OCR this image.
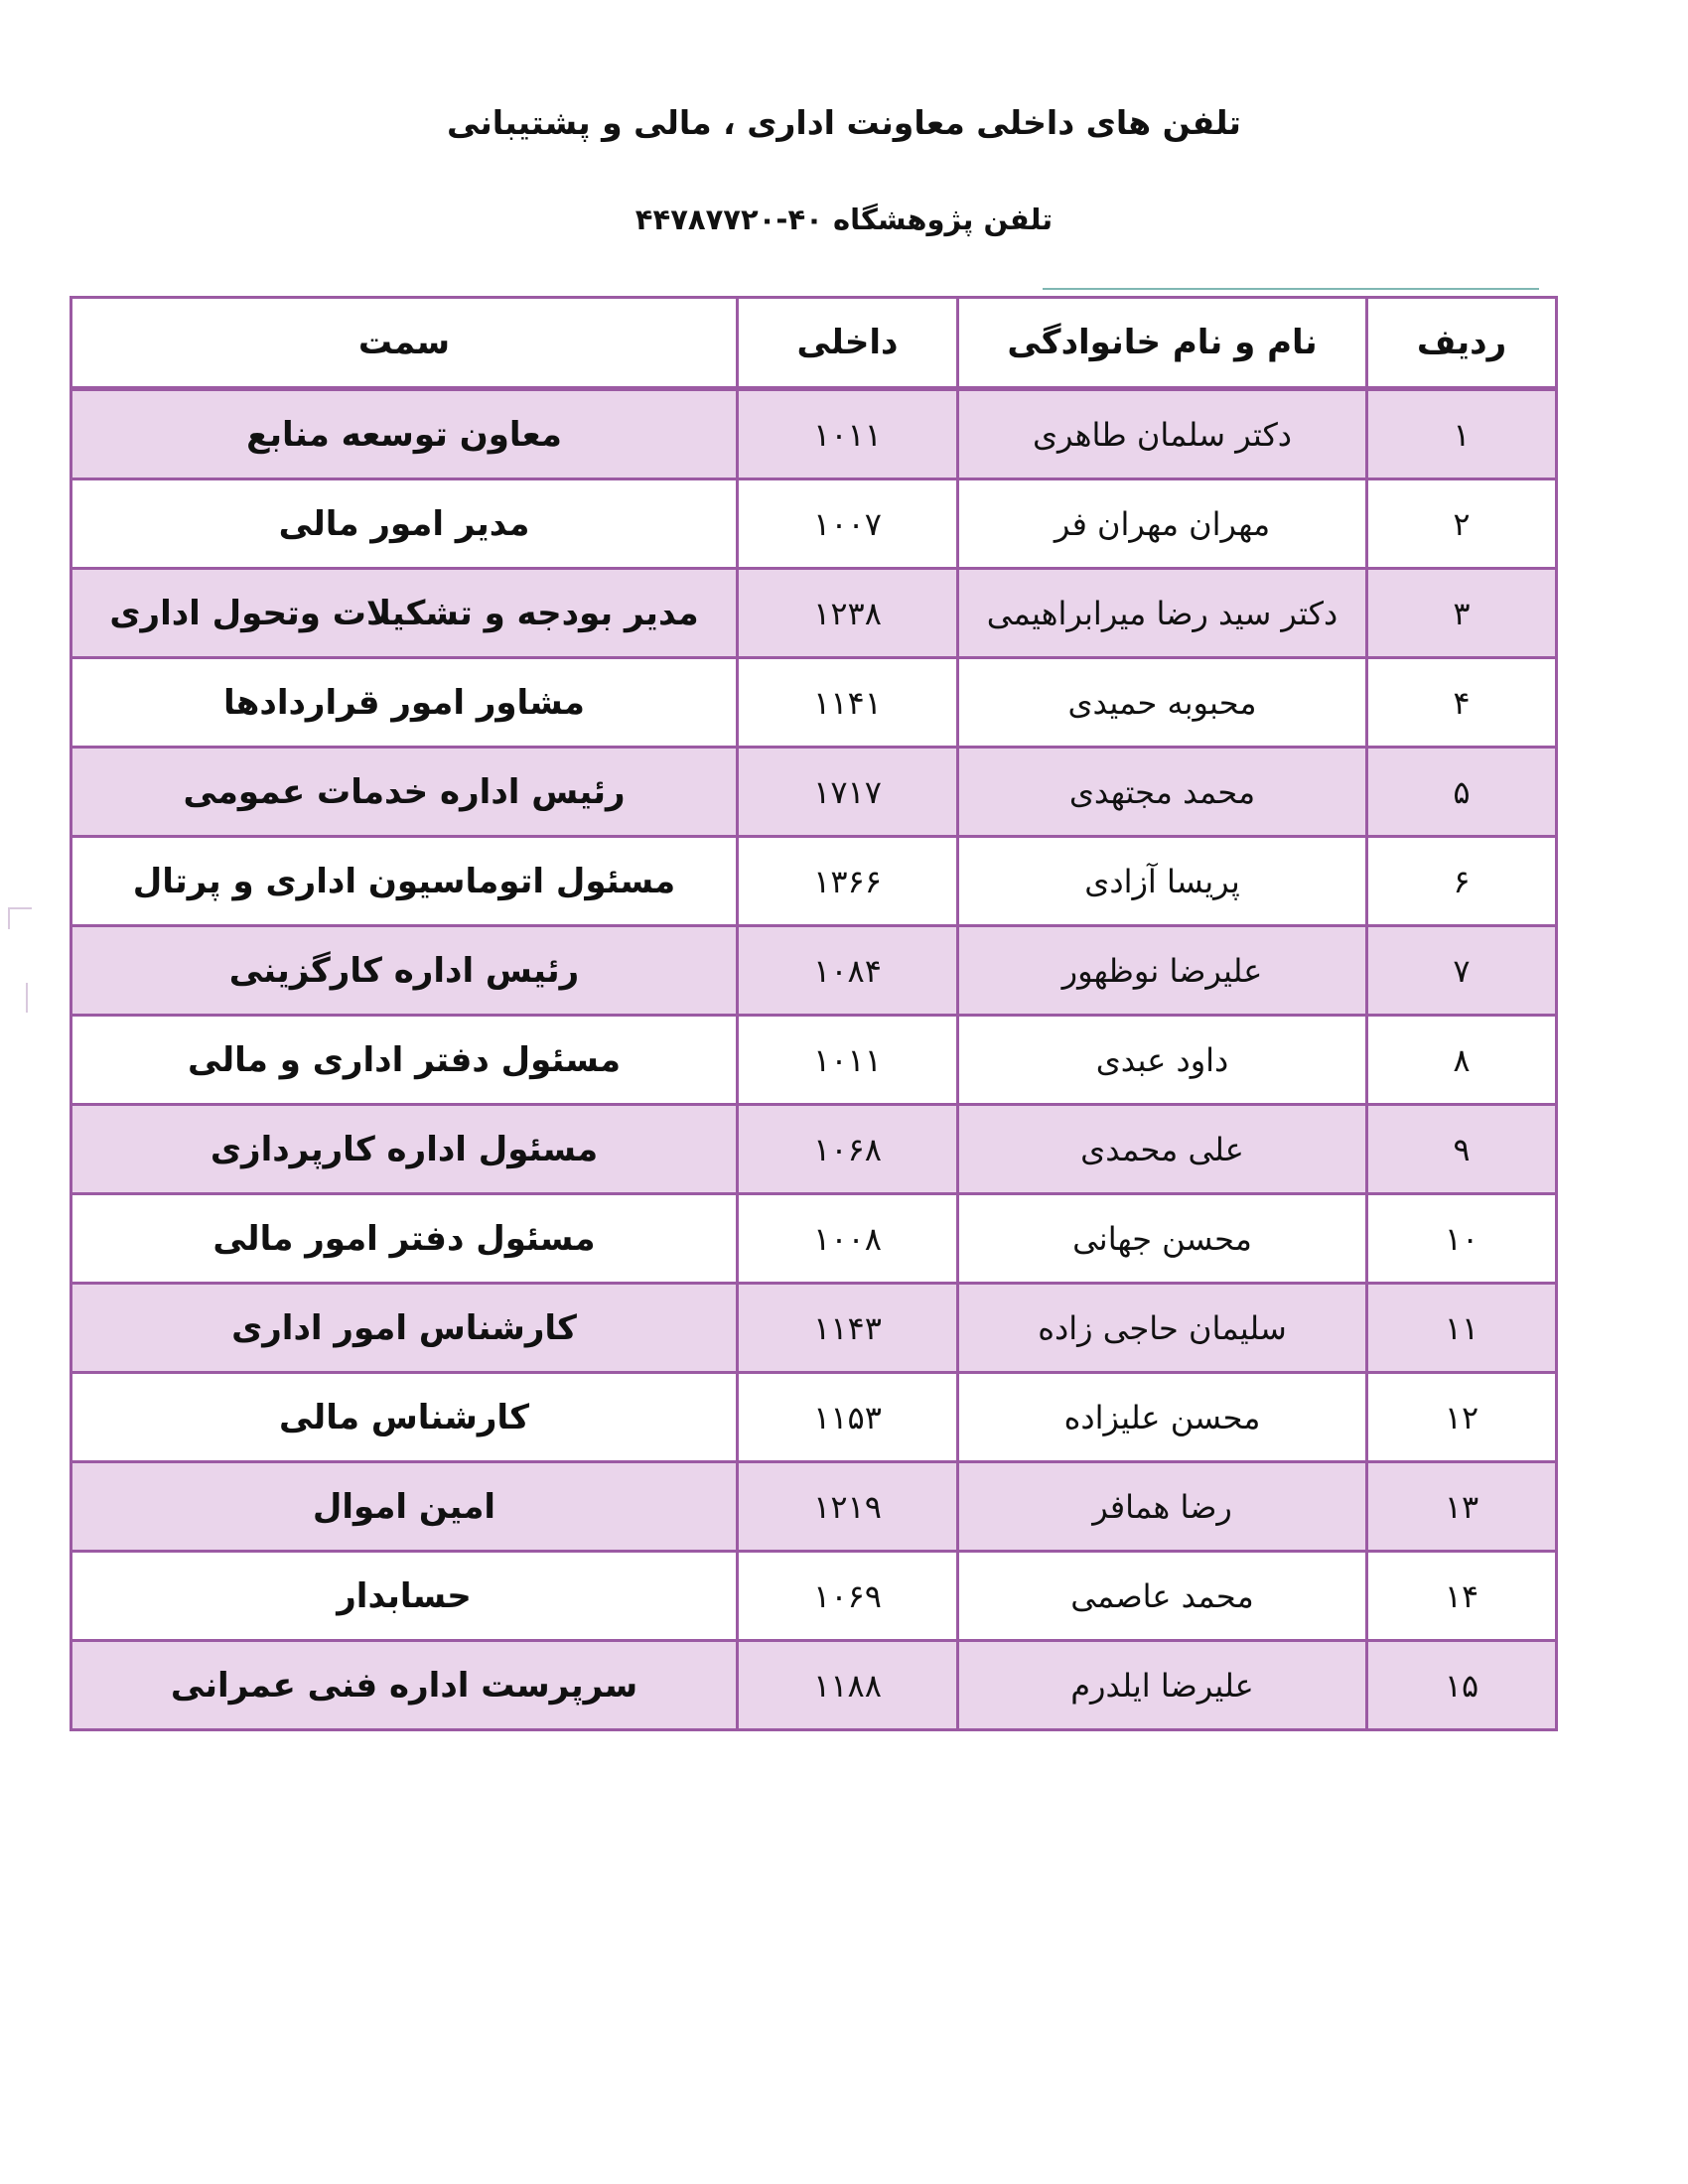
تلفن های داخلی معاونت اداری ، مالی و پشتیبانی
تلفن پژوهشگاه ۴۰-۴۴۷۸۷۷۲۰
ردیف	نام و نام خانوادگی	داخلی	سمت
۱	دکتر سلمان طاهری	۱۰۱۱	معاون توسعه منابع
۲	مهران مهران فر	۱۰۰۷	مدیر امور مالی
۳	دکتر سید رضا میرابراهیمی	۱۲۳۸	مدیر بودجه و تشکیلات وتحول اداری
۴	محبوبه حمیدی	۱۱۴۱	مشاور امور قراردادها
۵	محمد مجتهدی	۱۷۱۷	رئیس اداره خدمات عمومی
۶	پریسا آزادی	۱۳۶۶	مسئول اتوماسیون اداری و پرتال
۷	علیرضا نوظهور	۱۰۸۴	رئیس اداره کارگزینی
۸	داود عبدی	۱۰۱۱	مسئول دفتر اداری و مالی
۹	علی محمدی	۱۰۶۸	مسئول اداره کارپردازی
۱۰	محسن جهانی	۱۰۰۸	مسئول دفتر امور مالی
۱۱	سلیمان حاجی زاده	۱۱۴۳	کارشناس امور اداری
۱۲	محسن علیزاده	۱۱۵۳	کارشناس مالی
۱۳	رضا همافر	۱۲۱۹	امین اموال
۱۴	محمد عاصمی	۱۰۶۹	حسابدار
۱۵	علیرضا ایلدرم	۱۱۸۸	سرپرست اداره فنی عمرانی
